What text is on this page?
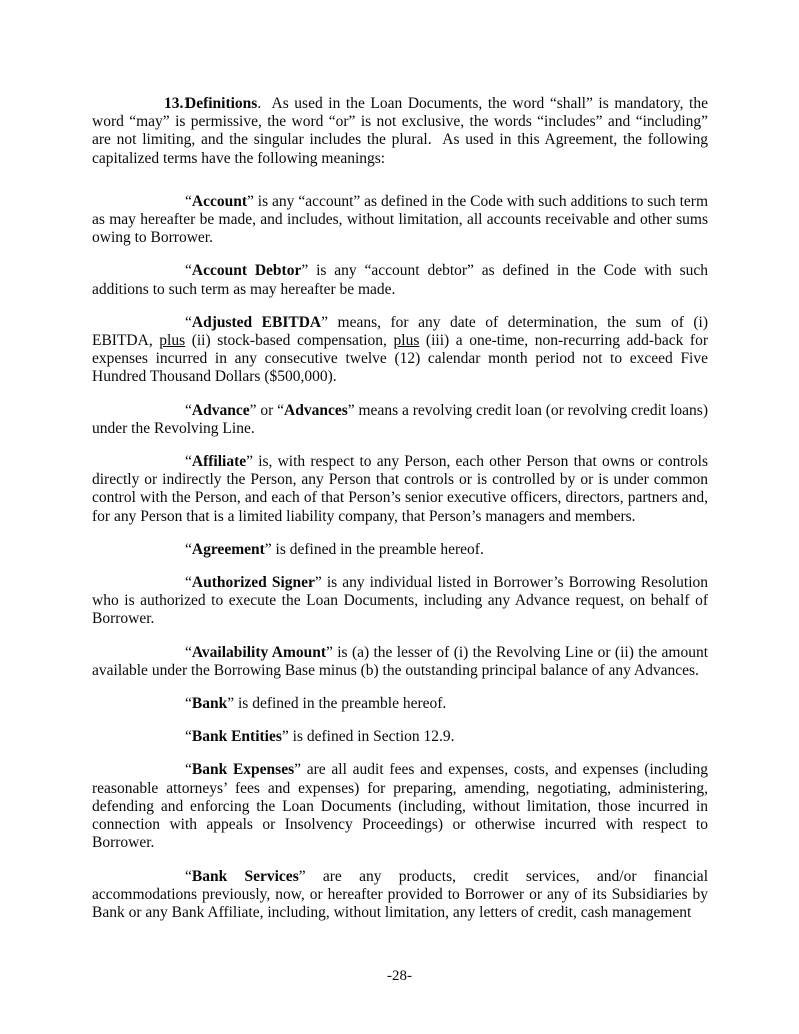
13.1Definitions.  As used in the Loan Documents, the word “shall” is mandatory, the word “may” is permissive, the word “or” is not exclusive, the words “includes” and “including” are not limiting, and the singular includes the plural.  As used in this Agreement, the following capitalized terms have the following meanings:

“Account” is any “account” as defined in the Code with such additions to such term as may hereafter be made, and includes, without limitation, all accounts receivable and other sums owing to Borrower.

“Account Debtor” is any “account debtor” as defined in the Code with such additions to such term as may hereafter be made.

“Adjusted EBITDA” means, for any date of determination, the sum of (i) EBITDA, plus (ii) stock-based compensation, plus (iii) a one-time, non-recurring add-back for expenses incurred in any consecutive twelve (12) calendar month period not to exceed Five Hundred Thousand Dollars ($500,000).

“Advance” or “Advances” means a revolving credit loan (or revolving credit loans) under the Revolving Line.

“Affiliate” is, with respect to any Person, each other Person that owns or controls directly or indirectly the Person, any Person that controls or is controlled by or is under common control with the Person, and each of that Person’s senior executive officers, directors, partners and, for any Person that is a limited liability company, that Person’s managers and members.

“Agreement” is defined in the preamble hereof.

“Authorized Signer” is any individual listed in Borrower’s Borrowing Resolution who is authorized to execute the Loan Documents, including any Advance request, on behalf of Borrower.

“Availability Amount” is (a) the lesser of (i) the Revolving Line or (ii) the amount available under the Borrowing Base minus (b) the outstanding principal balance of any Advances.

“Bank” is defined in the preamble hereof.

“Bank Entities” is defined in Section 12.9.

“Bank Expenses” are all audit fees and expenses, costs, and expenses (including reasonable attorneys’ fees and expenses) for preparing, amending, negotiating, administering, defending and enforcing the Loan Documents (including, without limitation, those incurred in connection with appeals or Insolvency Proceedings) or otherwise incurred with respect to Borrower.

“Bank Services” are any products, credit services, and/or financial accommodations previously, now, or hereafter provided to Borrower or any of its Subsidiaries by Bank or any Bank Affiliate, including, without limitation, any letters of credit, cash management

-28-
